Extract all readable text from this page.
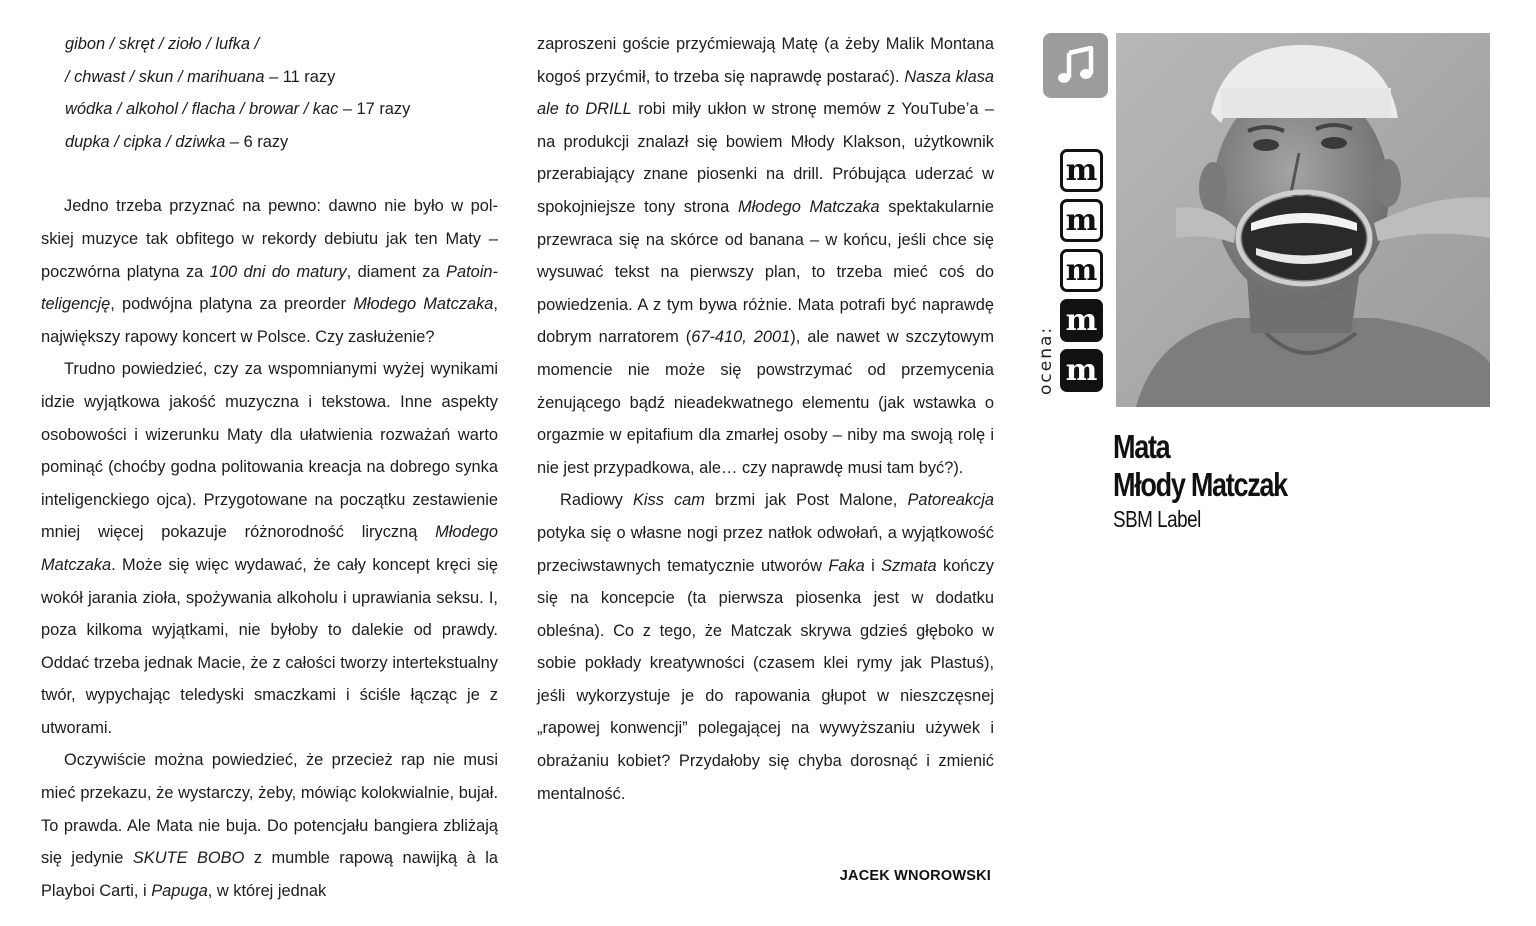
gibon / skręt / zioło / lufka /
/ chwast / skun / marihuana – 11 razy
wódka / alkohol / flacha / browar / kac – 17 razy
dupka / cipka / dziwka – 6 razy

Jedno trzeba przyznać na pewno: dawno nie było w polskiej muzyce tak obfitego w rekordy debiutu jak ten Maty – poczwórna platyna za 100 dni do matury, diament za Patointeligencję, podwójna platyna za preorder Młodego Matczaka, największy rapowy koncert w Polsce. Czy zasłużenie?

Trudno powiedzieć, czy za wspomnianymi wyżej wynikami idzie wyjątkowa jakość muzyczna i tekstowa. Inne aspekty osobowości i wizerunku Maty dla ułatwienia rozważań warto pominąć (choćby godna politowania kreacja na dobrego synka inteligenckiego ojca). Przygotowane na początku zestawienie mniej więcej pokazuje różnorodność liryczną Młodego Matczaka. Może się więc wydawać, że cały koncept kręci się wokół jarania zioła, spożywania alkoholu i uprawiania seksu. I, poza kilkoma wyjątkami, nie byłoby to dalekie od prawdy. Oddać trzeba jednak Macie, że z całości tworzy intertekstualny twór, wypychając teledyski smaczkami i ściśle łącząc je z utworami.

Oczywiście można powiedzieć, że przecież rap nie musi mieć przekazu, że wystarczy, żeby, mówiąc kolokwialnie, bujał. To prawda. Ale Mata nie buja. Do potencjału bangiera zbliżają się jedynie SKUTE BOBO z mumble rapową nawijką à la Playboi Carti, i Papuga, w której jednak

zaproszeni goście przyćmiewają Matę (a żeby Malik Montana kogoś przyćmił, to trzeba się naprawdę postarać). Nasza klasa ale to DRILL robi miły ukłon w stronę memów z YouTube’a – na produkcji znalazł się bowiem Młody Klakson, użytkownik przerabiający znane piosenki na drill. Próbująca uderzać w spokojniejsze tony strona Młodego Matczaka spektakularnie przewraca się na skórce od banana – w końcu, jeśli chce się wysuwać tekst na pierwszy plan, to trzeba mieć coś do powiedzenia. A z tym bywa różnie. Mata potrafi być naprawdę dobrym narratorem (67-410, 2001), ale nawet w szczytowym momencie nie może się powstrzymać od przemycenia żenującego bądź nieadekwatnego elementu (jak wstawka o orgazmie w epitafium dla zmarłej osoby – niby ma swoją rolę i nie jest przypadkowa, ale… czy naprawdę musi tam być?).

Radiowy Kiss cam brzmi jak Post Malone, Patoreakcja potyka się o własne nogi przez natłok odwołań, a wyjątkowość przeciwstawnych tematycznie utworów Faka i Szmata kończy się na koncepcie (ta pierwsza piosenka jest w dodatku obleśna). Co z tego, że Matczak skrywa gdzieś głęboko w sobie pokłady kreatywności (czasem klei rymy jak Plastuś), jeśli wykorzystuje je do rapowania głupot w nieszczęsnej „rapowej konwencji” polegającej na wywyższaniu używek i obrażaniu kobiet? Przydałoby się chyba dorosnąć i zmienić mentalność.

JACEK WNOROWSKI
ocena:
m
m
m
m
m
Mata
Młody Matczak
SBM Label
